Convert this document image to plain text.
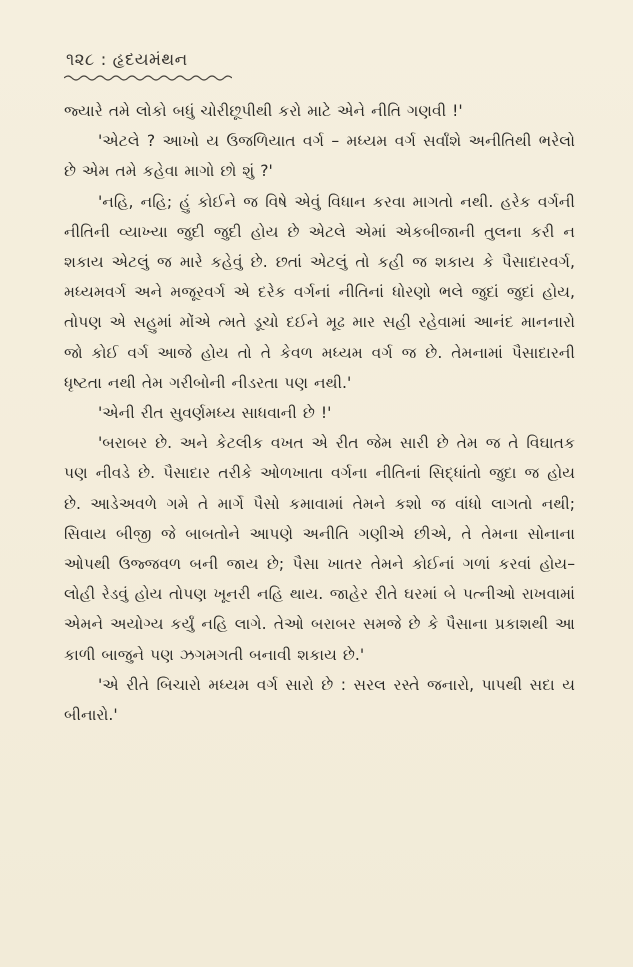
૧૨૮ : હૃદયમંથન

જ્યારે તમે લોકો બધું ચોરીછૂપીથી કરો માટે એને નીતિ ગણવી !'

'એટલે ? આખો ય ઉજળિયાત વર્ગ – મધ્યમ વર્ગ સર્વાંશે અનીતિથી ભરેલો છે એમ તમે કહેવા માગો છો શું ?'

'નહિ, નહિ; હું કોઈને જ વિષે એવું વિધાન કરવા માગતો નથી. હરેક વર્ગની નીતિની વ્યાખ્યા જુદી જુદી હોય છે એટલે એમાં એકબીજાની તુલના કરી ન શકાય એટલું જ મારે કહેવું છે. છતાં એટલું તો કહી જ શકાય કે પૈસાદારવર્ગ, મધ્યમવર્ગ અને મજૂરવર્ગ એ દરેક વર્ગનાં નીતિનાં ધોરણો ભલે જુદાં જુદાં હોય, તોપણ એ સહુમાં મોંએ ત્મતે ડૂચો દઈને મૂઢ માર સહી રહેવામાં આનંદ માનનારો જો કોઈ વર્ગ આજે હોય તો તે કેવળ મધ્યમ વર્ગ જ છે. તેમનામાં પૈસાદારની ધૃષ્ટતા નથી તેમ ગરીબોની નીડરતા પણ નથી.'

'એની રીત સુવર્ણમધ્ય સાધવાની છે !'

'બરાબર છે. અને કેટલીક વખત એ રીત જેમ સારી છે તેમ જ તે વિઘાતક પણ નીવડે છે. પૈસાદાર તરીકે ઓળખાતા વર્ગના નીતિનાં સિદ્ધાંતો જુદા જ હોય છે. આડેઅવળે ગમે તે માર્ગે પૈસો કમાવામાં તેમને કશો જ વાંધો લાગતો નથી; સિવાય બીજી જે બાબતોને આપણે અનીતિ ગણીએ છીએ, તે તેમના સોનાના ઓપથી ઉજ્જવળ બની જાય છે; પૈસા ખાતર તેમને કોઈનાં ગળાં કરવાં હોય–લોહી રેડવું હોય તોપણ ખૂનરી નહિ થાય. જાહેર રીતે ઘરમાં બે પત્નીઓ રાખવામાં એમને અયોગ્ય કર્યું નહિ લાગે. તેઓ બરાબર સમજે છે કે પૈસાના પ્રકાશથી આ કાળી બાજુને પણ ઝગમગતી બનાવી શકાય છે.'

'એ રીતે બિચારો મધ્યમ વર્ગ સારો છે : સરલ રસ્તે જનારો, પાપથી સદા ય બીનારો.'
